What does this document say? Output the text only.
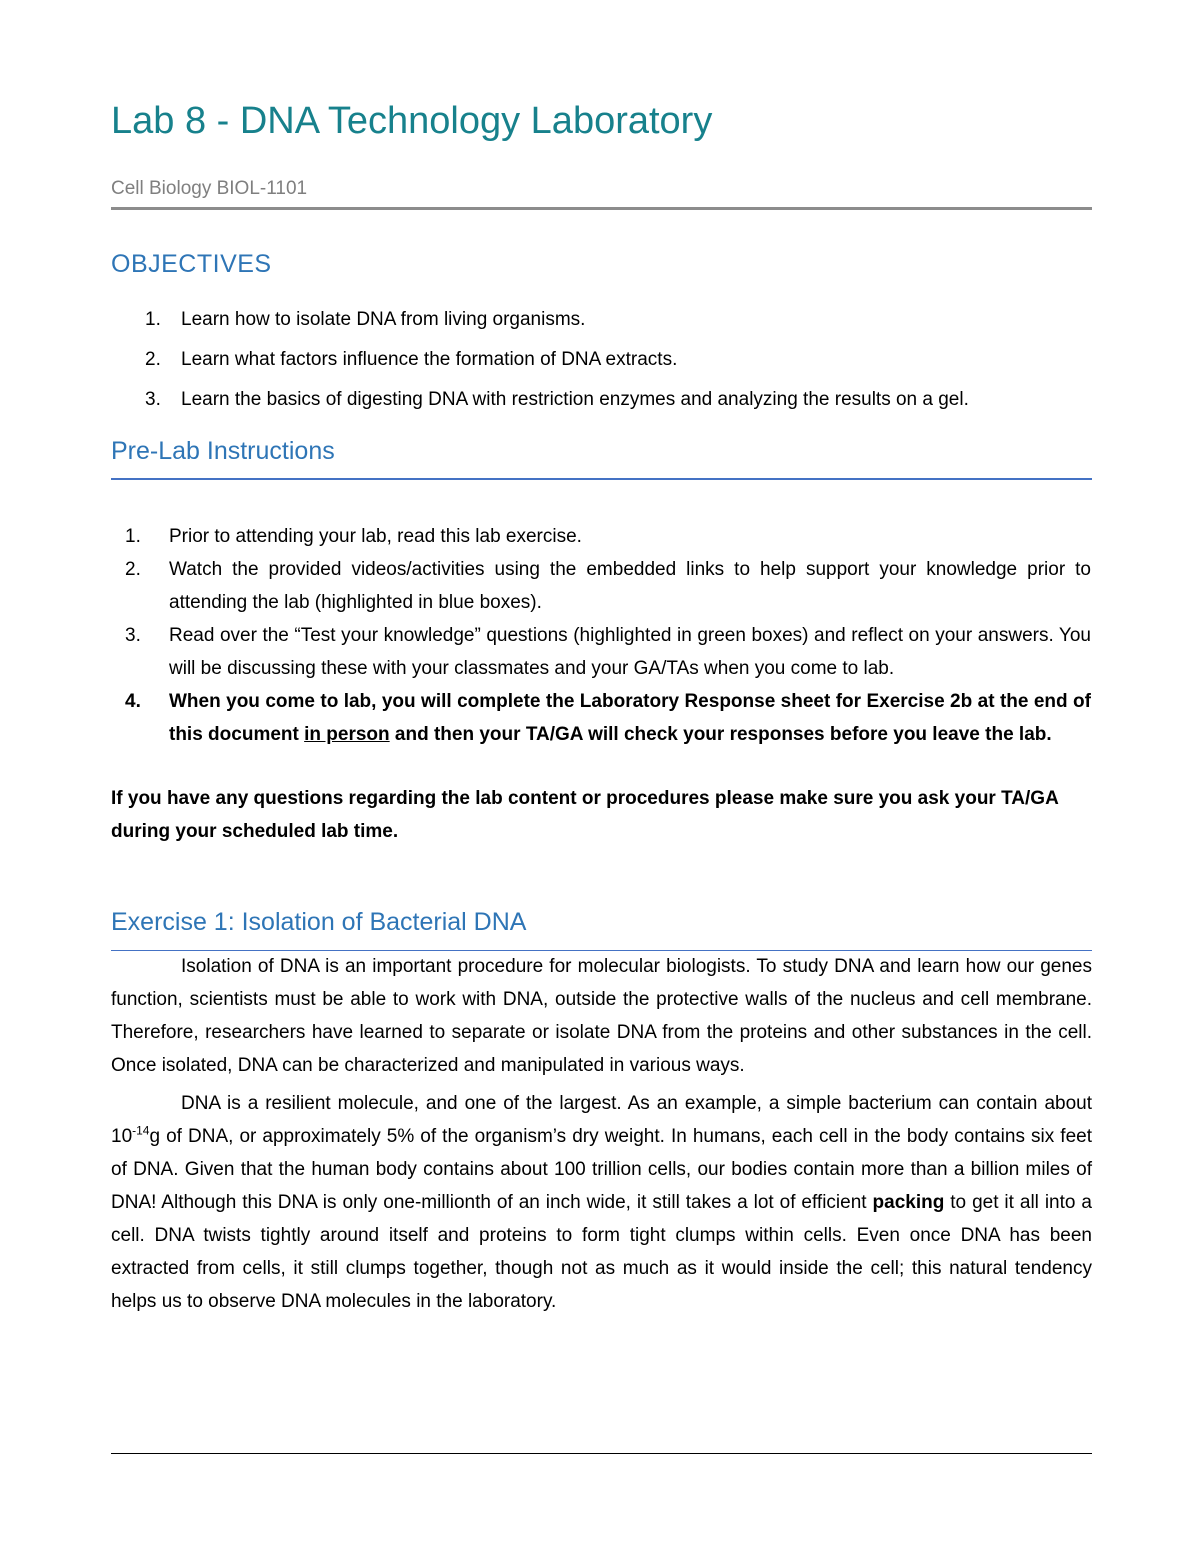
Lab 8 - DNA Technology Laboratory
Cell Biology BIOL-1101
OBJECTIVES
1. Learn how to isolate DNA from living organisms.
2. Learn what factors influence the formation of DNA extracts.
3. Learn the basics of digesting DNA with restriction enzymes and analyzing the results on a gel.
Pre-Lab Instructions
1. Prior to attending your lab, read this lab exercise.
2. Watch the provided videos/activities using the embedded links to help support your knowledge prior to attending the lab (highlighted in blue boxes).
3. Read over the “Test your knowledge” questions (highlighted in green boxes) and reflect on your answers. You will be discussing these with your classmates and your GA/TAs when you come to lab.
4. When you come to lab, you will complete the Laboratory Response sheet for Exercise 2b at the end of this document in person and then your TA/GA will check your responses before you leave the lab.
If you have any questions regarding the lab content or procedures please make sure you ask your TA/GA during your scheduled lab time.
Exercise 1: Isolation of Bacterial DNA

Isolation of DNA is an important procedure for molecular biologists. To study DNA and learn how our genes function, scientists must be able to work with DNA, outside the protective walls of the nucleus and cell membrane. Therefore, researchers have learned to separate or isolate DNA from the proteins and other substances in the cell. Once isolated, DNA can be characterized and manipulated in various ways.

DNA is a resilient molecule, and one of the largest. As an example, a simple bacterium can contain about $10^{-14}g$ of DNA, or approximately 5% of the organism’s dry weight. In humans, each cell in the body contains six feet of DNA. Given that the human body contains about 100 trillion cells, our bodies contain more than a billion miles of DNA! Although this DNA is only one-millionth of an inch wide, it still takes a lot of efficient packing to get it all into a cell. DNA twists tightly around itself and proteins to form tight clumps within cells. Even once DNA has been extracted from cells, it still clumps together, though not as much as it would inside the cell; this natural tendency helps us to observe DNA molecules in the laboratory.
